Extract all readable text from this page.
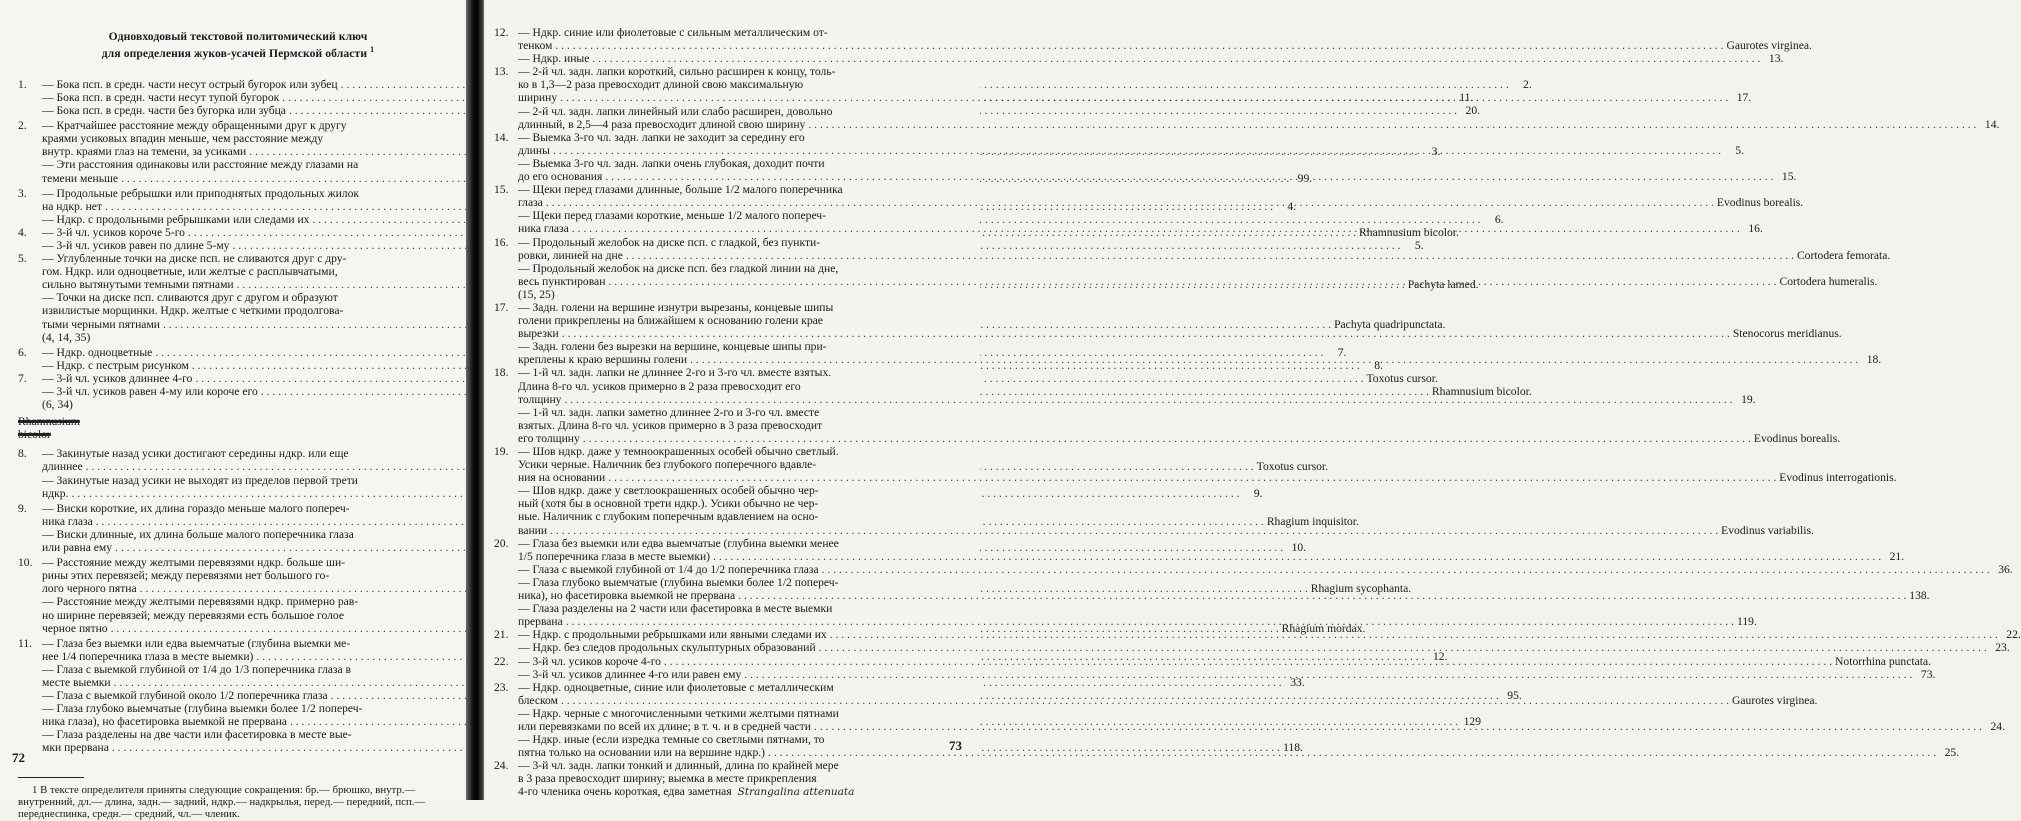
Одновходовый текстовой политомический ключ
для определения жуков-усачей Пермской области $^1$
1.	— Бока псп. в средн. части несут острый бугорок или зубец . . .	2.
— Бока псп. в средн. части несут тупой бугорок . . .	11.
— Бока псп. в средн. части без бугорка или зубца . . .	20.
2.	— Кратчайшее расстояние между обращенными друг к другу
краями усиковых впадин меньше, чем расстояние между
внутр. краями глаз на темени, за усиками . . .	3.
— Эти расстояния одинаковы или расстояние между глазами на
темени меньше . . .	99.
3.	— Продольные ребрышки или приподнятых продольных жилок
на ндкр. нет . . .	4.
— Ндкр. с продольными ребрышками или следами их . . .	6.
4.	— 3-й чл. усиков короче 5-го . . .	Rhamnusium bicolor.
— 3-й чл. усиков равен по длине 5-му . . .	5.
5.	— Углубленные точки на диске псп. не сливаются друг с дру-
гом. Ндкр. или одноцветные, или желтые с расплывчатыми,
сильно вытянутыми темными пятнами . . .	Pachyta lamed.
— Точки на диске псп. сливаются друг с другом и образуют
извилистые морщинки. Ндкр. желтые с четкими продолгова-
тыми черными пятнами . . .	Pachyta quadripunctata.
(4, 14, 35)
6.	— Ндкр. одноцветные . . .	7.
— Ндкр. с пестрым рисунком . . .	8.
7.	— 3-й чл. усиков длиннее 4-го . . .	Toxotus cursor.
— 3-й чл. усиков равен 4-му или короче его . . .	Rhamnusium bicolor.
(6, 34)
Rhamnusium bicolor
8.	— Закинутые назад усики достигают середины ндкр. или еще
длиннее . . .	Toxotus cursor.
— Закинутые назад усики не выходят из пределов первой трети
ндкр. . . .	9.
9.	— Виски короткие, их длина гораздо меньше малого попереч-
ника глаза . . .	Rhagium inquisitor.
— Виски длинные, их длина больше малого поперечника глаза
или равна ему . . .	10.
10. — Расстояние между желтыми перевязями ндкр. больше ши-
рины этих перевязей; между перевязями нет большого го-
лого черного пятна . . .	Rhagium sycophanta.
— Расстояние между желтыми перевязями ндкр. примерно рав-
но ширине перевязей; между перевязями есть большое голое
черное пятно . . .	Rhagium mordax.
11. — Глаза без выемки или едва выемчатые (глубина выемки ме-
нее 1/4 поперечника глаза в месте выемки) . . .	12.
— Глаза с выемкой глубиной от 1/4 до 1/3 поперечника глаза в
месте выемки . . .	33.
— Глаза с выемкой глубиной около 1/2 поперечника глаза . . .	95.
— Глаза глубоко выемчатые (глубина выемки более 1/2 попереч-
ника глаза), но фасетировка выемкой не прервана . . .	129
— Глаза разделены на две части или фасетировка в месте вые-
мки прервана . . .	118.
1 В тексте определителя приняты следующие сокращения: бр.— брюшко, внутр.— внутренний, дл.— длина, задн.— задний, ндкр.— надкрылья, пеpeд.— передний, псп.— переднеспинка, средн.— средний, чл.— членик.
72
12. — Ндкр. синие или фиолетовые с сильным металлическим от-
тенком . . .	Gaurotes virginea.
— Ндкр. иные . . .	13.
13. — 2-й чл. задн. лапки короткий, сильно расширен к концу, толь-
ко в 1,3—2 раза превосходит длиной свою максимальную
ширину . . .	17.
— 2-й чл. задн. лапки линейный или слабо расширен, довольно
длинный, в 2,5—4 раза превосходит длиной свою ширину . . .	14.
14. — Выемка 3-го чл. задн. лапки не заходит за середину его
длины . . .	5.
— Выемка 3-го чл. задн. лапки очень глубокая, доходит почти
до его основания . . .	15.
15. — Щеки перед глазами длинные, больше 1/2 малого поперечника
глаза . . .	Evodinus borealis.
— Щеки перед глазами короткие, меньше 1/2 малого попереч-
ника глаза . . .	16.
16. — Продольный желобок на диске псп. с гладкой, без пункти-
ровки, линией на дне . . .	Cortodera femorata.
— Продольный желобок на диске псп. без гладкой линии на дне,
весь пунктирован . . .	Cortodera humeralis.
(15, 25)
17. — Задн. голени на вершине изнутри вырезаны, концевые шипы
голени прикреплены на ближайшем к основанию голени крае
вырезки . . .	Stenocorus meridianus.
— Задн. голени без вырезки на вершине, концевые шипы при-
креплены к краю вершины голени . . .	18.
18. — 1-й чл. задн. лапки не длиннее 2-го и 3-го чл. вместе взятых.
Длина 8-го чл. усиков примерно в 2 раза превосходит его
толщину . . .	19.
— 1-й чл. задн. лапки заметно длиннее 2-го и 3-го чл. вместе
взятых. Длина 8-го чл. усиков примерно в 3 раза превосходит
его толщину . . .	Evodinus borealis.
19. — Шов ндкр. даже у темноокрашенных особей обычно светлый.
Усики черные. Наличник без глубокого поперечного вдавле-
ния на основании . . .	Evodinus interrogationis.
— Шов ндкр. даже у светлоокрашенных особей обычно чер-
ный (хотя бы в основной трети ндкр.). Усики обычно не чер-
ные. Наличник с глубоким поперечным вдавлением на осно-
вании . . .	Evodinus variabilis.
20. — Глаза без выемки или едва выемчатые (глубина выемки менее
1/5 поперечника глаза в месте выемки) . . .	21.
— Глаза с выемкой глубиной от 1/4 до 1/2 поперечника глаза . . .	36.
— Глаза глубоко выемчатые (глубина выемки более 1/2 попереч-
ника), но фасетировка выемкой не прервана . . .	138.
— Глаза разделены на 2 части или фасетировка в месте выемки
прервана . . .	119.
21. — Ндкр. с продольными ребрышками или явными следами их . . .	22.
— Ндкр. без следов продольных скульптурных образований . . .	23.
22. — 3-й чл. усиков короче 4-го . . .	Notorrhina punctata.
— 3-й чл. усиков длиннее 4-го или равен ему . . .	73.
23. — Ндкр. одноцветные, синие или фиолетовые с металлическим
блеском . . .	Gaurotes virginea.
— Ндкр. черные с многочисленными четкими желтыми пятнами
или перевязками по всей их длине; в т. ч. и в средней части . . .	24.
— Ндкр. иные (если изредка темные со светлыми пятнами, то
пятна только на основании или на вершине ндкр.) . . .	25.
24. — 3-й чл. задн. лапки тонкий и длинный, длина по крайней мере
в 3 раза превосходит ширину; выемка в месте прикрепления
4-го членика очень короткая, едва заметная Strangalina attenuata
73
